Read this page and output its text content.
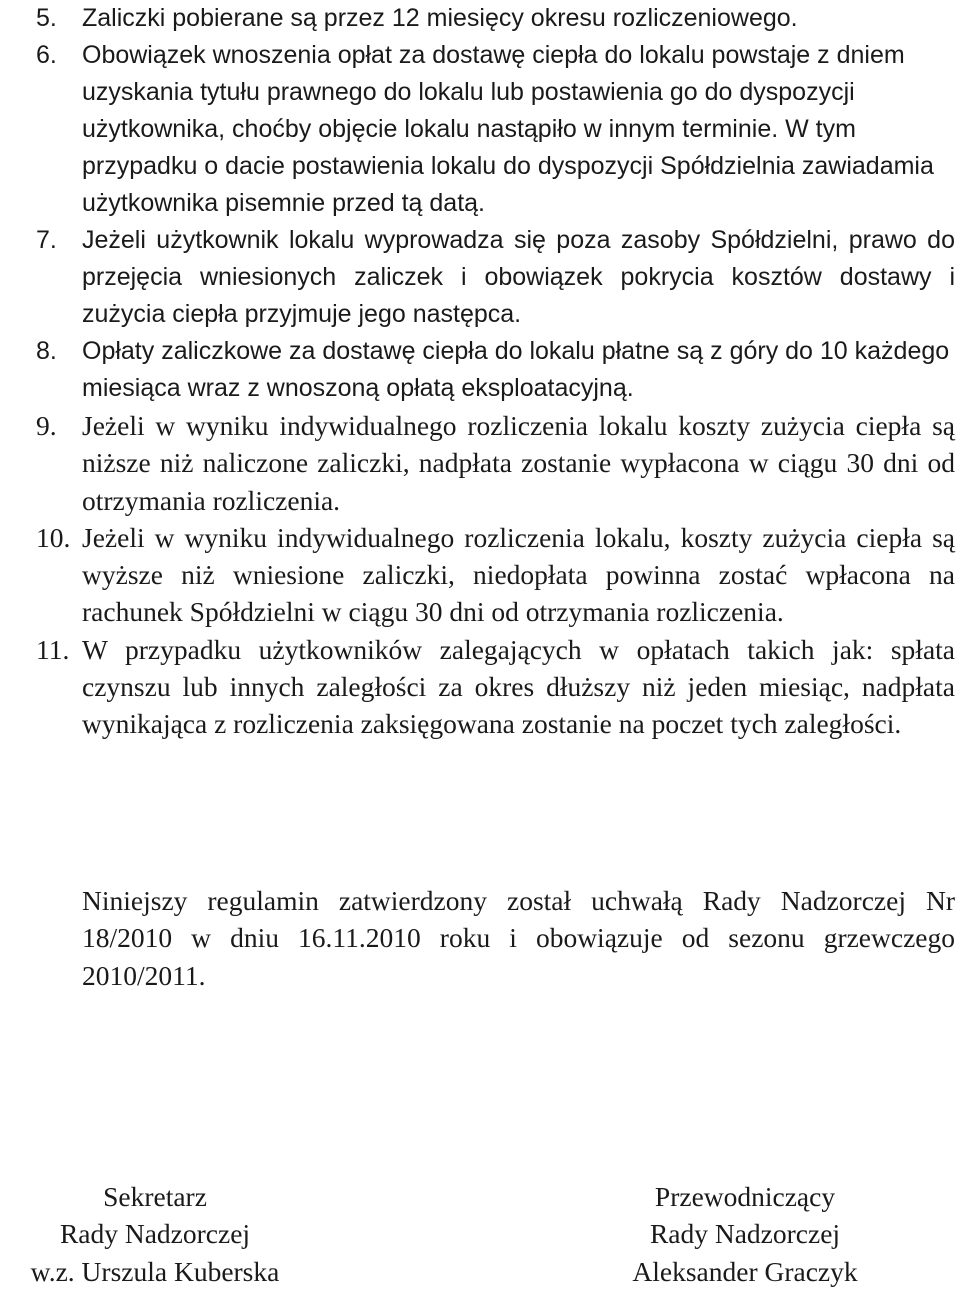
5.	Zaliczki pobierane są przez 12 miesięcy okresu rozliczeniowego.
6.	Obowiązek wnoszenia opłat za dostawę ciepła do lokalu powstaje z dniem uzyskania tytułu prawnego do lokalu lub postawienia go do dyspozycji użytkownika, choćby objęcie lokalu nastąpiło w innym terminie. W tym przypadku o dacie postawienia lokalu do dyspozycji Spółdzielnia zawiadamia użytkownika pisemnie przed tą datą.
7.	Jeżeli użytkownik lokalu wyprowadza się poza zasoby Spółdzielni, prawo do przejęcia wniesionych zaliczek i obowiązek pokrycia kosztów dostawy i zużycia ciepła przyjmuje jego następca.
8.	Opłaty zaliczkowe za dostawę ciepła do lokalu płatne są z góry do 10 każdego miesiąca wraz z wnoszoną opłatą eksploatacyjną.
9. Jeżeli w wyniku indywidualnego rozliczenia lokalu koszty zużycia ciepła są niższe niż naliczone zaliczki, nadpłata zostanie wypłacona w ciągu 30 dni od otrzymania rozliczenia.
10. Jeżeli w wyniku indywidualnego rozliczenia lokalu, koszty zużycia ciepła są wyższe niż wniesione zaliczki, niedopłata powinna zostać wpłacona na rachunek Spółdzielni w ciągu 30 dni od otrzymania rozliczenia.
11. W przypadku użytkowników zalegających w opłatach takich jak: spłata czynszu lub innych zaległości za okres dłuższy niż jeden miesiąc, nadpłata wynikająca z rozliczenia zaksięgowana zostanie na poczet tych zaległości.
Niniejszy regulamin zatwierdzony został uchwałą Rady Nadzorczej Nr 18/2010 w dniu 16.11.2010 roku i obowiązuje od sezonu grzewczego 2010/2011.
Sekretarz
Rady Nadzorczej
w.z. Urszula Kuberska
Przewodniczący
Rady Nadzorczej
Aleksander Graczyk
